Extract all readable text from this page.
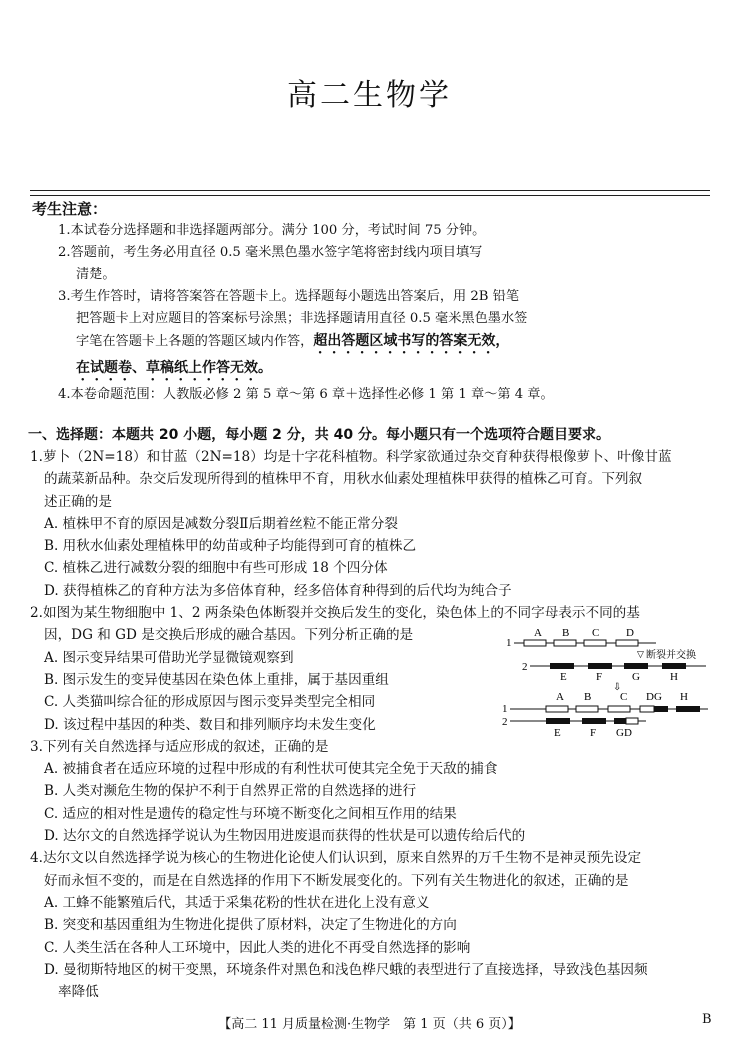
高二生物学
考生注意：

1.本试卷分选择题和非选择题两部分。满分 100 分，考试时间 75 分钟。

2.答题前，考生务必用直径 0.5 毫米黑色墨水签字笔将密封线内项目填写

清楚。

3.考生作答时，请将答案答在答题卡上。选择题每小题选出答案后，用 2B 铅笔

把答题卡上对应题目的答案标号涂黑；非选择题请用直径 0.5 毫米黑色墨水签

字笔在答题卡上各题的答题区域内作答，超出答题区域书写的答案无效，

在试题卷、草稿纸上作答无效。

4.本卷命题范围：人教版必修 2 第 5 章～第 6 章＋选择性必修 1 第 1 章～第 4 章。

一、选择题：本题共 20 小题，每小题 2 分，共 40 分。每小题只有一个选项符合题目要求。

1.萝卜（2N=18）和甘蓝（2N=18）均是十字花科植物。科学家欲通过杂交育种获得根像萝卜、叶像甘蓝

的蔬菜新品种。杂交后发现所得到的植株甲不育，用秋水仙素处理植株甲获得的植株乙可育。下列叙

述正确的是

A. 植株甲不育的原因是减数分裂Ⅱ后期着丝粒不能正常分裂

B. 用秋水仙素处理植株甲的幼苗或种子均能得到可育的植株乙

C. 植株乙进行减数分裂的细胞中有些可形成 18 个四分体

D. 获得植株乙的育种方法为多倍体育种，经多倍体育种得到的后代均为纯合子

2.如图为某生物细胞中 1、2 两条染色体断裂并交换后发生的变化，染色体上的不同字母表示不同的基

因，DG 和 GD 是交换后形成的融合基因。下列分析正确的是

A. 图示变异结果可借助光学显微镜观察到

B. 图示发生的变异使基因在染色体上重排，属于基因重组

C. 人类猫叫综合征的形成原因与图示变异类型完全相同

D. 该过程中基因的种类、数目和排列顺序均未发生变化

3.下列有关自然选择与适应形成的叙述，正确的是

A. 被捕食者在适应环境的过程中形成的有利性状可使其完全免于天敌的捕食

B. 人类对濒危生物的保护不利于自然界正常的自然选择的进行

C. 适应的相对性是遗传的稳定性与环境不断变化之间相互作用的结果

D. 达尔文的自然选择学说认为生物因用进废退而获得的性状是可以遗传给后代的

4.达尔文以自然选择学说为核心的生物进化论使人们认识到，原来自然界的万千生物不是神灵预先设定

好而永恒不变的，而是在自然选择的作用下不断发展变化的。下列有关生物进化的叙述，正确的是

A. 工蜂不能繁殖后代，其适于采集花粉的性状在进化上没有意义

B. 突变和基因重组为生物进化提供了原材料，决定了生物进化的方向

C. 人类生活在各种人工环境中，因此人类的进化不再受自然选择的影响

D. 曼彻斯特地区的树干变黑，环境条件对黑色和浅色桦尺蛾的表型进行了直接选择，导致浅色基因频

率降低

A B C D
1
断裂并交换
▽
2
E	F	G	H
⇩
A B	C DG H
1
2
E	F GD
【高二 11 月质量检测·生物学　第 1 页（共 6 页）】	B
